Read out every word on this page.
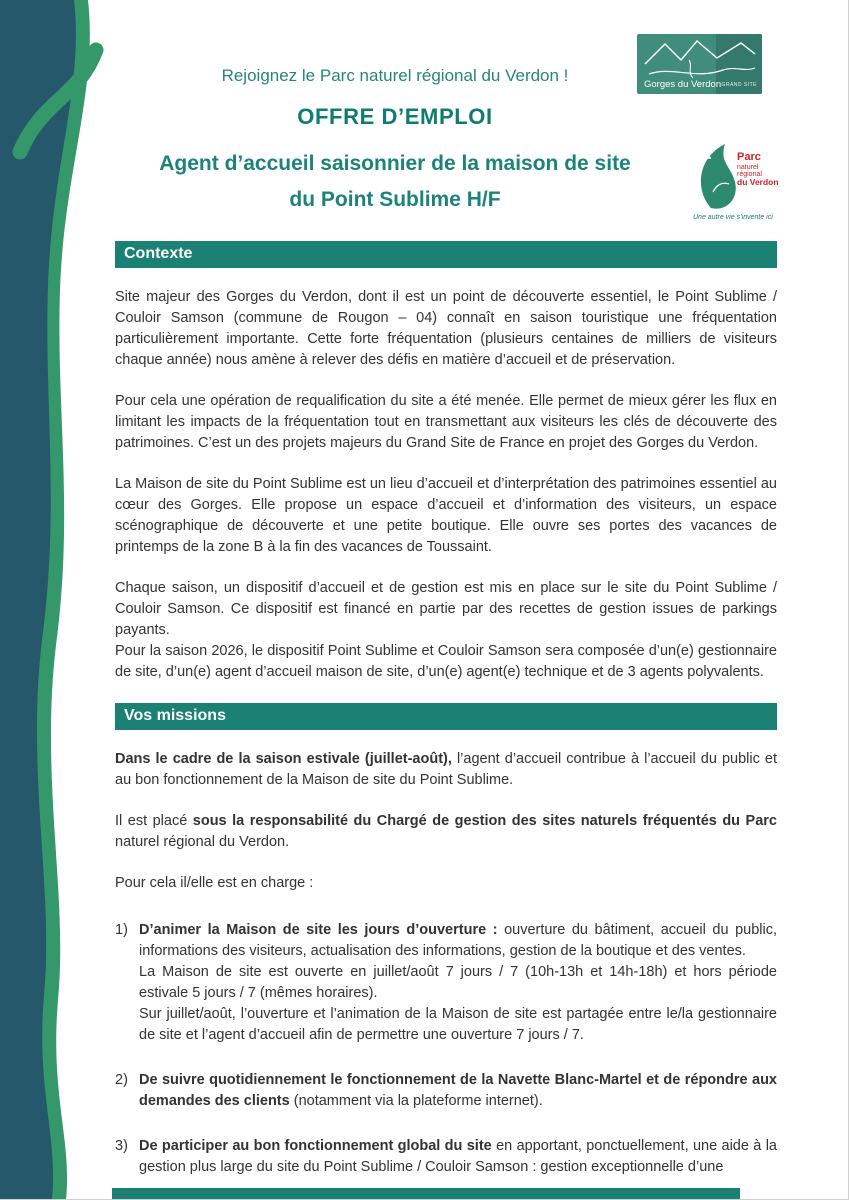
Gorges du Verdon GRAND SITE
Rejoignez le Parc naturel régional du Verdon !
OFFRE D’EMPLOI
Agent d’accueil saisonnier de la maison de site
du Point Sublime H/F
Parc
naturel
régional
du Verdon
Une autre vie s’invente ici
Contexte

Site majeur des Gorges du Verdon, dont il est un point de découverte essentiel, le Point Sublime / Couloir Samson (commune de Rougon – 04) connaît en saison touristique une fréquentation particulièrement importante. Cette forte fréquentation (plusieurs centaines de milliers de visiteurs chaque année) nous amène à relever des défis en matière d’accueil et de préservation.

Pour cela une opération de requalification du site a été menée. Elle permet de mieux gérer les flux en limitant les impacts de la fréquentation tout en transmettant aux visiteurs les clés de découverte des patrimoines. C’est un des projets majeurs du Grand Site de France en projet des Gorges du Verdon.

La Maison de site du Point Sublime est un lieu d’accueil et d’interprétation des patrimoines essentiel au cœur des Gorges. Elle propose un espace d’accueil et d’information des visiteurs, un espace scénographique de découverte et une petite boutique. Elle ouvre ses portes des vacances de printemps de la zone B à la fin des vacances de Toussaint.

Chaque saison, un dispositif d’accueil et de gestion est mis en place sur le site du Point Sublime / Couloir Samson. Ce dispositif est financé en partie par des recettes de gestion issues de parkings payants.
Pour la saison 2026, le dispositif Point Sublime et Couloir Samson sera composée d’un(e) gestionnaire de site, d’un(e) agent d’accueil maison de site, d’un(e) agent(e) technique et de 3 agents polyvalents.

Vos missions

Dans le cadre de la saison estivale (juillet-août), l’agent d’accueil contribue à l’accueil du public et au bon fonctionnement de la Maison de site du Point Sublime.

Il est placé sous la responsabilité du Chargé de gestion des sites naturels fréquentés du Parc naturel régional du Verdon.

Pour cela il/elle est en charge :

1) D’animer la Maison de site les jours d’ouverture : ouverture du bâtiment, accueil du public, informations des visiteurs, actualisation des informations, gestion de la boutique et des ventes.
La Maison de site est ouverte en juillet/août 7 jours / 7 (10h-13h et 14h-18h) et hors période estivale 5 jours / 7 (mêmes horaires).
Sur juillet/août, l’ouverture et l’animation de la Maison de site est partagée entre le/la gestionnaire de site et l’agent d’accueil afin de permettre une ouverture 7 jours / 7.
2) De suivre quotidiennement le fonctionnement de la Navette Blanc-Martel et de répondre aux demandes des clients (notamment via la plateforme internet).
3) De participer au bon fonctionnement global du site en apportant, ponctuellement, une aide à la gestion plus large du site du Point Sublime / Couloir Samson : gestion exceptionnelle d’une
